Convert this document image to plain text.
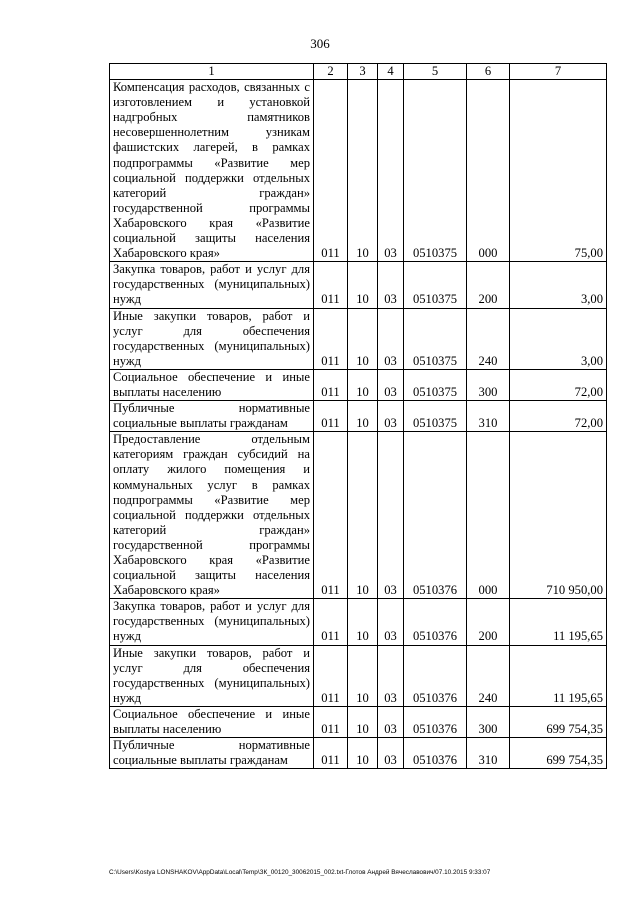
306
1	2	3	4	5	6	7
Компенсация расходов, связанных с изготовлением и установкой надгробных памятников несовершеннолетним узникам фашистских лагерей, в рамках подпрограммы «Развитие мер социальной поддержки отдельных категорий граждан» государственной программы Хабаровского края «Развитие социальной защиты населения Хабаровского края»	011	10	03	0510375	000	75,00
Закупка товаров, работ и услуг для государственных (муниципальных) нужд	011	10	03	0510375	200	3,00
Иные закупки товаров, работ и услуг для обеспечения государственных (муниципальных) нужд	011	10	03	0510375	240	3,00
Социальное обеспечение и иные выплаты населению	011	10	03	0510375	300	72,00
Публичные нормативные социальные выплаты гражданам	011	10	03	0510375	310	72,00
Предоставление отдельным категориям граждан субсидий на оплату жилого помещения и коммунальных услуг в рамках подпрограммы «Развитие мер социальной поддержки отдельных категорий граждан» государственной программы Хабаровского края «Развитие социальной защиты населения Хабаровского края»	011	10	03	0510376	000	710 950,00
Закупка товаров, работ и услуг для государственных (муниципальных) нужд	011	10	03	0510376	200	11 195,65
Иные закупки товаров, работ и услуг для обеспечения государственных (муниципальных) нужд	011	10	03	0510376	240	11 195,65
Социальное обеспечение и иные выплаты населению	011	10	03	0510376	300	699 754,35
Публичные нормативные социальные выплаты гражданам	011	10	03	0510376	310	699 754,35
C:\Users\Kostya LONSHAKOV\AppData\Local\Temp\ЗК_00120_30062015_002.txt-Глотов Андрей Вячеславович/07.10.2015 9:33:07
